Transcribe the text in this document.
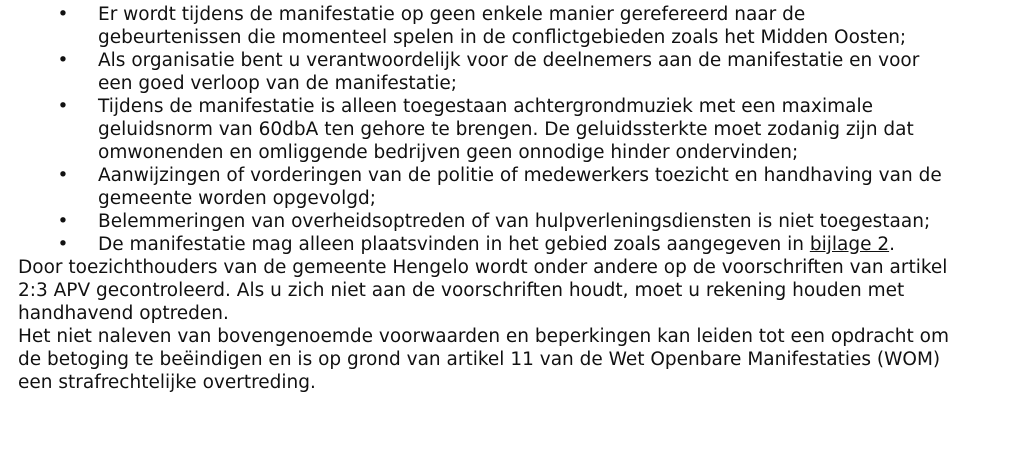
• Er wordt tijdens de manifestatie op geen enkele manier gerefereerd naar de
gebeurtenissen die momenteel spelen in de conflictgebieden zoals het Midden Oosten;
• Als organisatie bent u verantwoordelijk voor de deelnemers aan de manifestatie en voor
een goed verloop van de manifestatie;
• Tijdens de manifestatie is alleen toegestaan achtergrondmuziek met een maximale
geluidsnorm van 60dbA ten gehore te brengen. De geluidssterkte moet zodanig zijn dat
omwonenden en omliggende bedrijven geen onnodige hinder ondervinden;
• Aanwijzingen of vorderingen van de politie of medewerkers toezicht en handhaving van de
gemeente worden opgevolgd;
• Belemmeringen van overheidsoptreden of van hulpverleningsdiensten is niet toegestaan;
• De manifestatie mag alleen plaatsvinden in het gebied zoals aangegeven in bijlage 2.

Door toezichthouders van de gemeente Hengelo wordt onder andere op de voorschriften van artikel
2:3 APV gecontroleerd. Als u zich niet aan de voorschriften houdt, moet u rekening houden met
handhavend optreden.

Het niet naleven van bovengenoemde voorwaarden en beperkingen kan leiden tot een opdracht om
de betoging te beëindigen en is op grond van artikel 11 van de Wet Openbare Manifestaties (WOM)
een strafrechtelijke overtreding.
